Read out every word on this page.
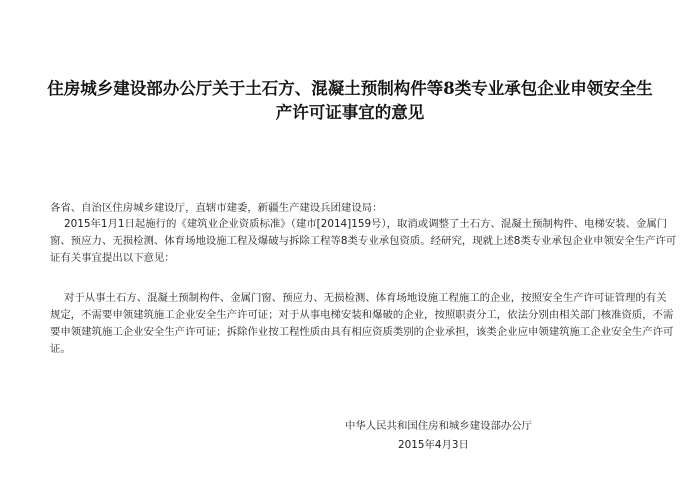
住房城乡建设部办公厅关于土石方、混凝土预制构件等8类专业承包企业申领安全生
产许可证事宜的意见
各省、自治区住房城乡建设厅，直辖市建委，新疆生产建设兵团建设局：
2015年1月1日起施行的《建筑业企业资质标准》（建市[2014]159号），取消或调整了土石方、混凝土预制构件、电梯安装、金属门
窗、预应力、无损检测、体育场地设施工程及爆破与拆除工程等8类专业承包资质。经研究，现就上述8类专业承包企业申领安全生产许可
证有关事宜提出以下意见：
对于从事土石方、混凝土预制构件、金属门窗、预应力、无损检测、体育场地设施工程施工的企业，按照安全生产许可证管理的有关
规定，不需要申领建筑施工企业安全生产许可证；对于从事电梯安装和爆破的企业，按照职责分工，依法分别由相关部门核准资质，不需
要申领建筑施工企业安全生产许可证；拆除作业按工程性质由具有相应资质类别的企业承担，该类企业应申领建筑施工企业安全生产许可
证。
中华人民共和国住房和城乡建设部办公厅
2015年4月3日
